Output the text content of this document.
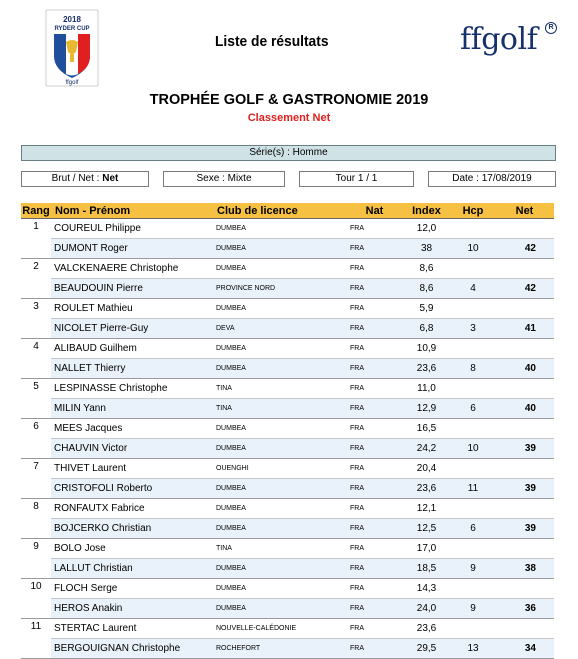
2018
RYDER CUP
ffgolf
Liste de résultats	ffgolf	R
TROPHÉE GOLF & GASTRONOMIE 2019
Classement Net
Série(s) : Homme
Brut / Net : Net	Sexe : Mixte	Tour 1 / 1	Date : 17/08/2019
Rang	Nom - Prénom	Club de licence	Nat	Index	Hcp	Net
1	COUREUL Philippe	DUMBEA	FRA	12,0		
	DUMONT Roger	DUMBEA	FRA	38	10	42
2	VALCKENAERE Christophe	DUMBEA	FRA	8,6		
	BEAUDOUIN Pierre	PROVINCE NORD	FRA	8,6	4	42
3	ROULET Mathieu	DUMBEA	FRA	5,9		
	NICOLET Pierre-Guy	DEVA	FRA	6,8	3	41
4	ALIBAUD Guilhem	DUMBEA	FRA	10,9		
	NALLET Thierry	DUMBEA	FRA	23,6	8	40
5	LESPINASSE Christophe	TINA	FRA	11,0		
	MILIN Yann	TINA	FRA	12,9	6	40
6	MEES Jacques	DUMBEA	FRA	16,5		
	CHAUVIN Victor	DUMBEA	FRA	24,2	10	39
7	THIVET Laurent	OUENGHI	FRA	20,4		
	CRISTOFOLI Roberto	DUMBEA	FRA	23,6	11	39
8	RONFAUTX Fabrice	DUMBEA	FRA	12,1		
	BOJCERKO Christian	DUMBEA	FRA	12,5	6	39
9	BOLO Jose	TINA	FRA	17,0		
	LALLUT Christian	DUMBEA	FRA	18,5	9	38
10	FLOCH Serge	DUMBEA	FRA	14,3		
	HEROS Anakin	DUMBEA	FRA	24,0	9	36
11	STERTAC Laurent	NOUVELLE-CALÉDONIE	FRA	23,6		
	BERGOUIGNAN Christophe	ROCHEFORT	FRA	29,5	13	34
